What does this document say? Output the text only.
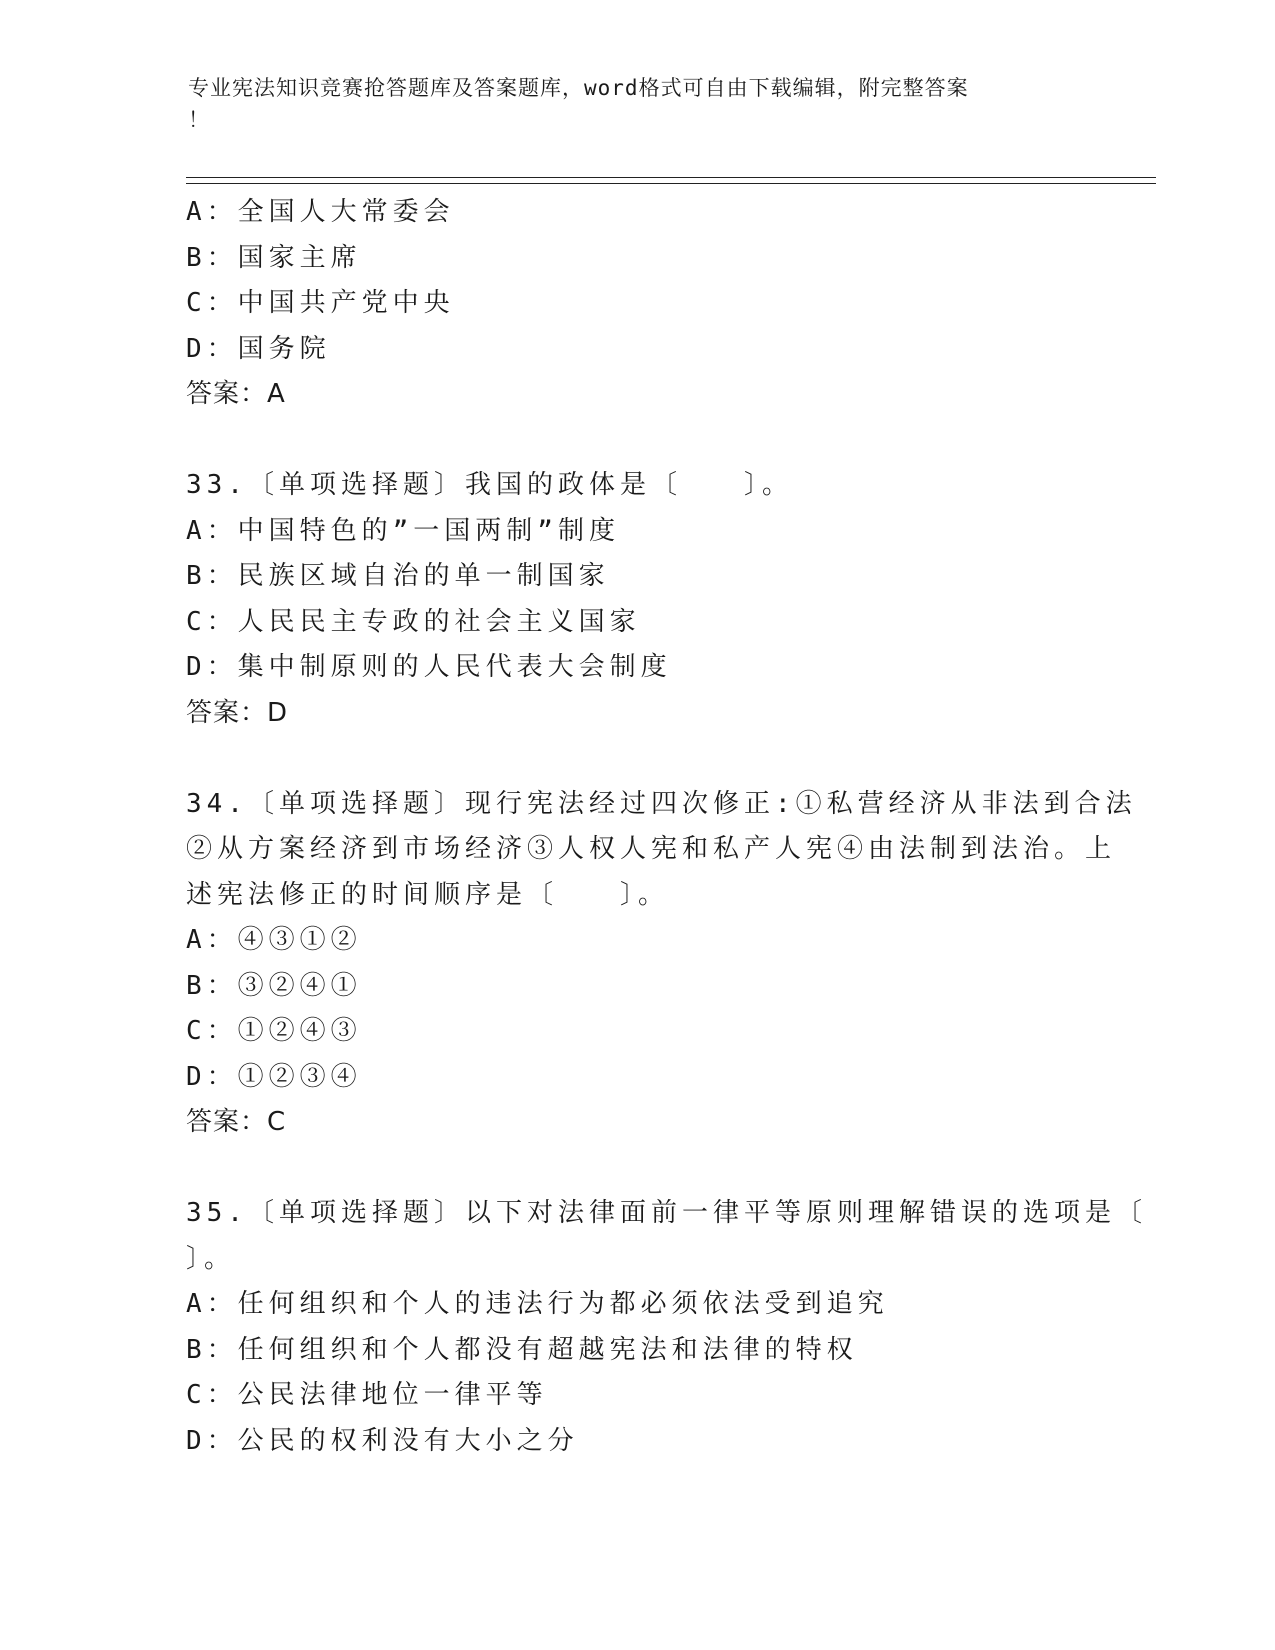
专业宪法知识竞赛抢答题库及答案题库，word格式可自由下载编辑，附完整答案
！
A：全国人大常委会
B：国家主席
C：中国共产党中央
D：国务院
答案：A
33.〔单项选择题〕我国的政体是〔　　〕。
A：中国特色的”一国两制”制度
B：民族区域自治的单一制国家
C：人民民主专政的社会主义国家
D：集中制原则的人民代表大会制度
答案：D
34.〔单项选择题〕现行宪法经过四次修正:①私营经济从非法到合法
②从方案经济到市场经济③人权人宪和私产人宪④由法制到法治。上
述宪法修正的时间顺序是〔　　〕。
A：④③①②
B：③②④①
C：①②④③
D：①②③④
答案：C
35.〔单项选择题〕以下对法律面前一律平等原则理解错误的选项是〔
〕。
A：任何组织和个人的违法行为都必须依法受到追究
B：任何组织和个人都没有超越宪法和法律的特权
C：公民法律地位一律平等
D：公民的权利没有大小之分
